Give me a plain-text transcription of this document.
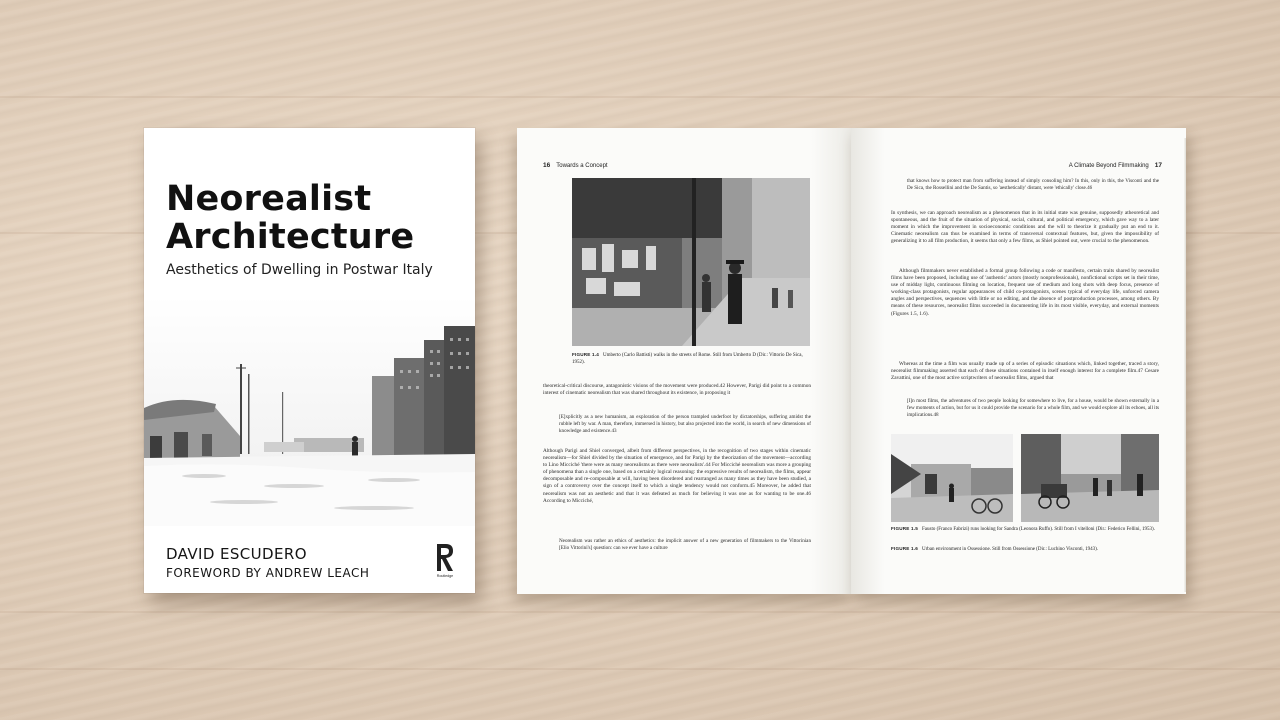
Neorealist
Architecture
Aesthetics of Dwelling in Postwar Italy
DAVID ESCUDERO
FOREWORD BY ANDREW LEACH	Routledge
16 Towards a Concept
FIGURE 1.4 Umberto (Carlo Battisti) walks in the streets of Rome. Still from Umberto D (Dir.: Vittorio De Sica, 1952).
theoretical-critical discourse, antagonistic visions of the movement were produced.42 However, Parigi did point to a common interest of cinematic neorealism that was shared throughout its existence, in proposing it
[E]xplicitly as a new humanism, an exploration of the person trampled underfoot by dictatorships, suffering amidst the rubble left by war. A man, therefore, immersed in history, but also projected into the world, in search of new dimensions of knowledge and existence.43
Although Parigi and Shiel converged, albeit from different perspectives, in the recognition of two stages within cinematic neorealism—for Shiel divided by the situation of emergence, and for Parigi by the theorization of the movement—according to Lino Micciché 'there were as many neorealisms as there were neorealists'.44 For Micciché neorealism was more a grouping of phenomena than a single one, based on a certainly logical reasoning: the expressive results of neorealism, the films, appear decomposable and re-composable at will, having been disordered and rearranged as many times as they have been studied, a sign of a controversy over the concept itself to which a single tendency would not conform.45 Moreover, he added that neorealism was not an aesthetic and that it was defeated as much for believing it was one as for wanting to be one.46 According to Micciché,
Neorealism was rather an ethics of aesthetics: the implicit answer of a new generation of filmmakers to the Vittorinian [Elio Vittorini's] question: can we ever have a culture
A Climate Beyond Filmmaking 17
that knows how to protect man from suffering instead of simply consoling him? In this, only in this, the Visconti and the De Sica, the Rossellini and the De Santis, so 'aesthetically' distant, were 'ethically' close.46
In synthesis, we can approach neorealism as a phenomenon that in its initial state was genuine, supposedly atheoretical and spontaneous, and the fruit of the situation of physical, social, cultural, and political emergency, which gave way to a later moment in which the improvement in socioeconomic conditions and the will to theorize it gradually put an end to it. Cinematic neorealism can thus be examined in terms of transversal contextual features, but, given the impossibility of generalizing it to all film production, it seems that only a few films, as Shiel pointed out, were crucial to the phenomenon.
Although filmmakers never established a formal group following a code or manifesto, certain traits shared by neorealist films have been proposed, including use of 'authentic' actors (mostly nonprofessionals), nonfictional scripts set in their time, use of midday light, continuous filming on location, frequent use of medium and long shots with deep focus, presence of working-class protagonists, regular appearances of child co-protagonists, scenes typical of everyday life, unforced camera angles and perspectives, sequences with little or no editing, and the absence of postproduction processes, among others. By means of these resources, neorealist films succeeded in documenting life in its most visible, everyday, and external moments (Figures 1.5, 1.6).
Whereas at the time a film was usually made up of a series of episodic situations which, linked together, traced a story, neorealist filmmaking asserted that each of these situations contained in itself enough interest for a complete film.47 Cesare Zavattini, one of the most active scriptwriters of neorealist films, argued that
[I]n most films, the adventures of two people looking for somewhere to live, for a house, would be shown externally in a few moments of action, but for us it could provide the scenario for a whole film, and we would explore all its echoes, all its implications.48
FIGURE 1.5 Fausto (Franco Fabrizi) runs looking for Sandra (Leonora Ruffo). Still from I vitelloni (Dir.: Federico Fellini, 1953).
FIGURE 1.6 Urban environment in Ossessione. Still from Ossessione (Dir.: Luchino Visconti, 1943).
